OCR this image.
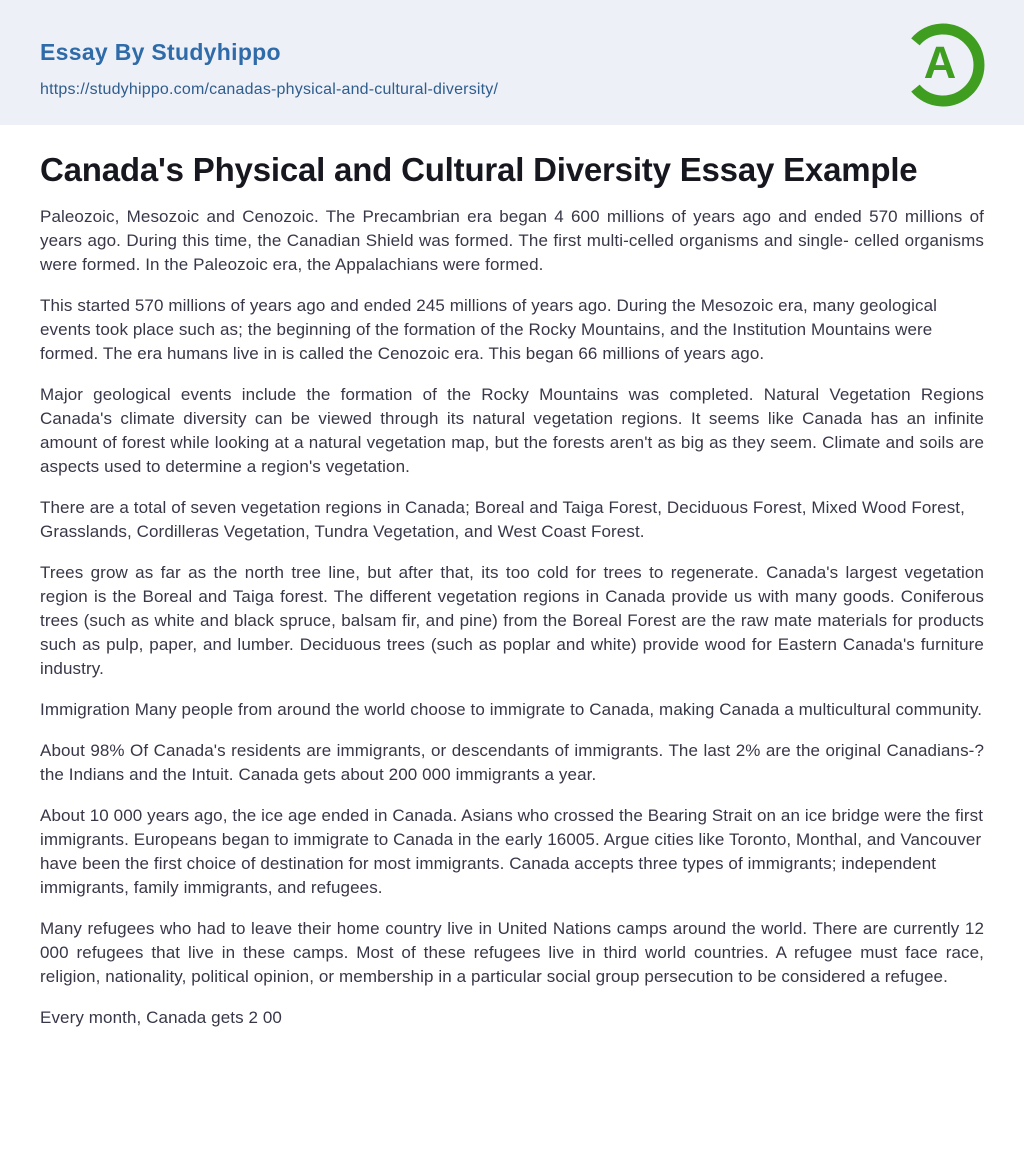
Essay By Studyhippo
https://studyhippo.com/canadas-physical-and-cultural-diversity/
A
Canada's Physical and Cultural Diversity Essay Example

Paleozoic, Mesozoic and Cenozoic. The Precambrian era began 4 600 millions of years ago and ended 570 millions of years ago. During this time, the Canadian Shield was formed. The first multi-celled organisms and single- celled organisms were formed. In the Paleozoic era, the Appalachians were formed.

This started 570 millions of years ago and ended 245 millions of years ago. During the Mesozoic era, many geological events took place such as; the beginning of the formation of the Rocky Mountains, and the Institution Mountains were formed. The era humans live in is called the Cenozoic era. This began 66 millions of years ago.

Major geological events include the formation of the Rocky Mountains was completed. Natural Vegetation Regions Canada's climate diversity can be viewed through its natural vegetation regions. It seems like Canada has an infinite amount of forest while looking at a natural vegetation map, but the forests aren't as big as they seem. Climate and soils are aspects used to determine a region's vegetation.

There are a total of seven vegetation regions in Canada; Boreal and Taiga Forest, Deciduous Forest, Mixed Wood Forest, Grasslands, Cordilleras Vegetation, Tundra Vegetation, and West Coast Forest.

Trees grow as far as the north tree line, but after that, its too cold for trees to regenerate. Canada's largest vegetation region is the Boreal and Taiga forest. The different vegetation regions in Canada provide us with many goods. Coniferous trees (such as white and black spruce, balsam fir, and pine) from the Boreal Forest are the raw mate materials for products such as pulp, paper, and lumber. Deciduous trees (such as poplar and white) provide wood for Eastern Canada's furniture industry.

Immigration Many people from around the world choose to immigrate to Canada, making Canada a multicultural community.

About 98% Of Canada's residents are immigrants, or descendants of immigrants. The last 2% are the original Canadians-?the Indians and the Intuit. Canada gets about 200 000 immigrants a year.

About 10 000 years ago, the ice age ended in Canada. Asians who crossed the Bearing Strait on an ice bridge were the first immigrants. Europeans began to immigrate to Canada in the early 16005. Argue cities like Toronto, Monthal, and Vancouver have been the first choice of destination for most immigrants. Canada accepts three types of immigrants; independent immigrants, family immigrants, and refugees.

Many refugees who had to leave their home country live in United Nations camps around the world. There are currently 12 000 refugees that live in these camps. Most of these refugees live in third world countries. A refugee must face race, religion, nationality, political opinion, or membership in a particular social group persecution to be considered a refugee.

Every month, Canada gets 2 00
